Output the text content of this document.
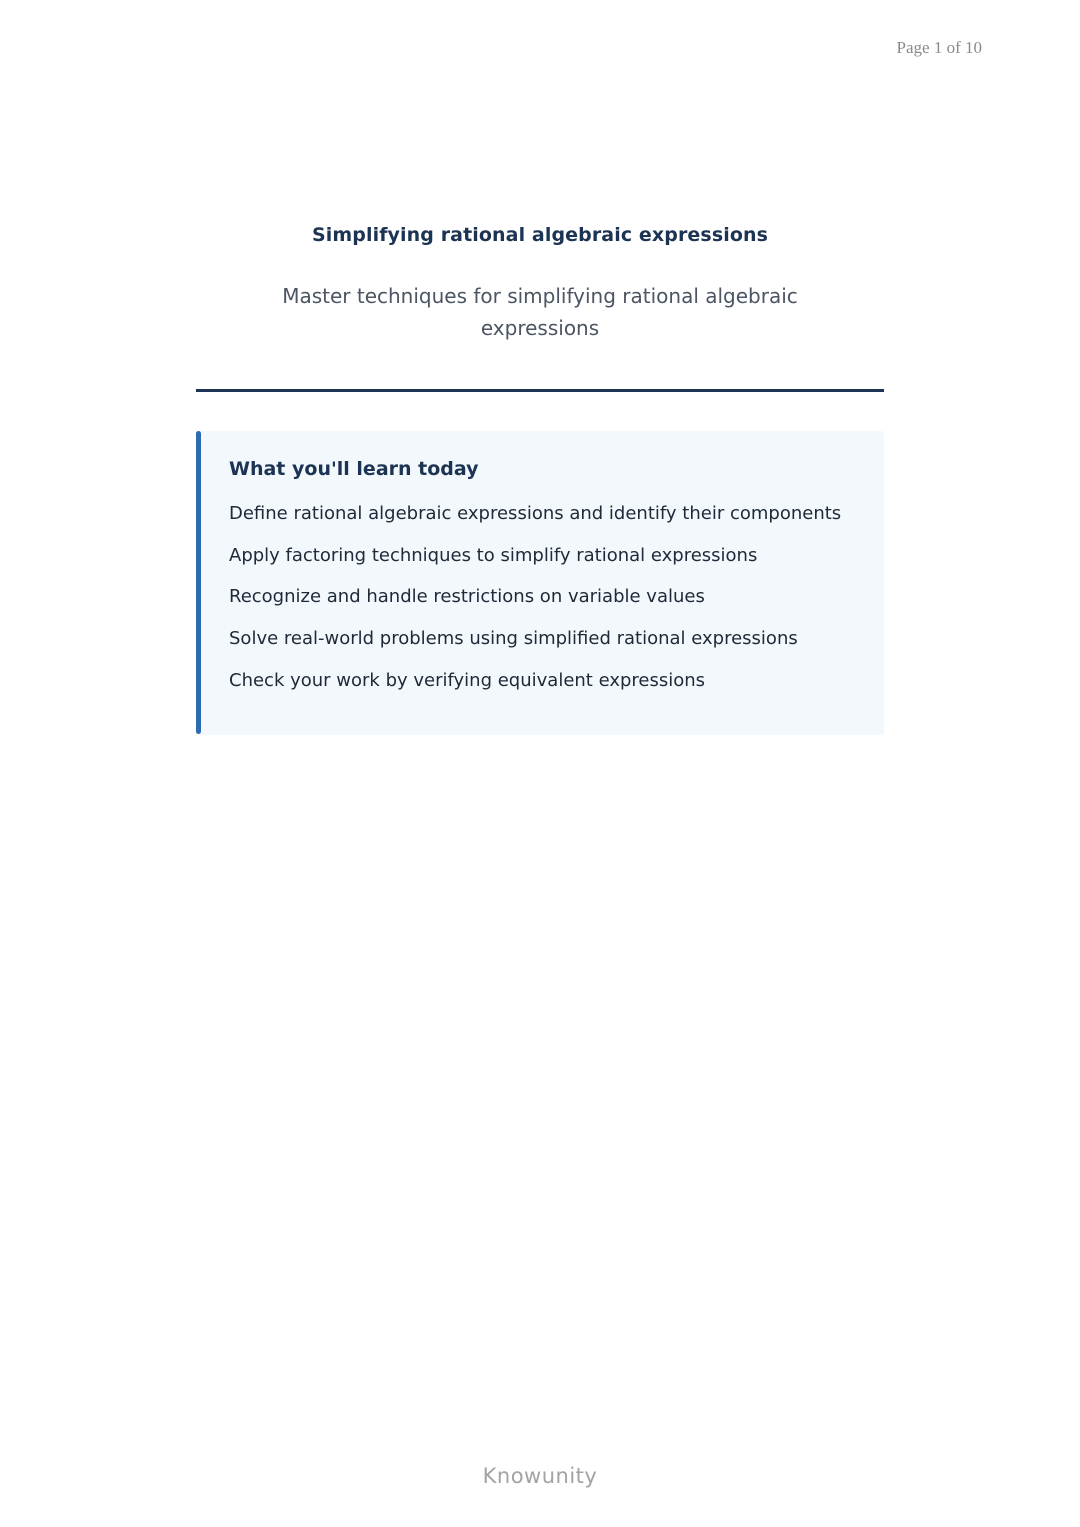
Page 1 of 10
Simplifying rational algebraic expressions
Master techniques for simplifying rational algebraic expressions
What you'll learn today
Define rational algebraic expressions and identify their components
Apply factoring techniques to simplify rational expressions
Recognize and handle restrictions on variable values
Solve real-world problems using simplified rational expressions
Check your work by verifying equivalent expressions
Knowunity
